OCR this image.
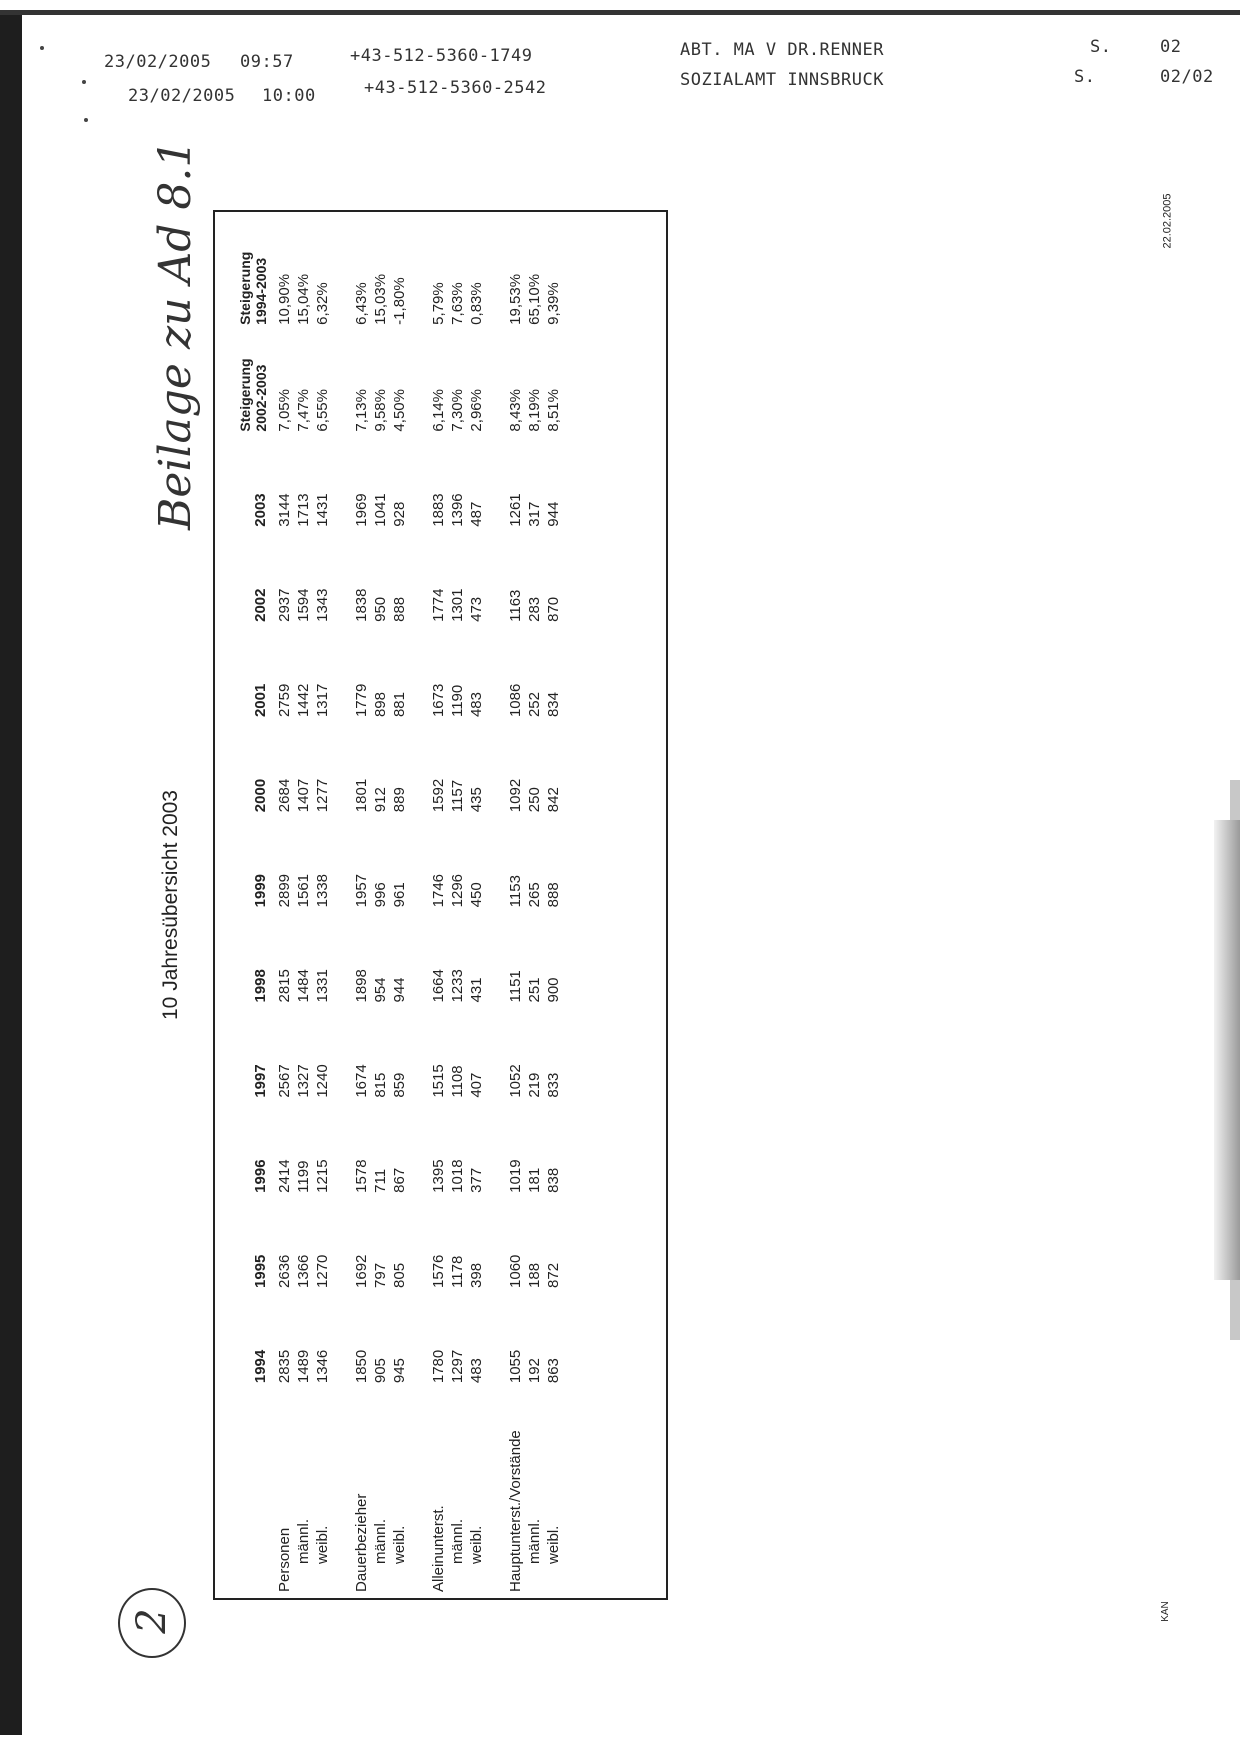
23/02/2005 09:57	+43-512-5360-1749	ABT. MA V DR.RENNER	S.	02
23/02/2005 10:00	+43-512-5360-2542	SOZIALAMT INNSBRUCK	S.	02/02
Beilage zu Ad 8.1
2
22.02.2005
KAN
10 Jahresübersicht 2003
	1994	1995	1996	1997	1998	1999	2000	2001	2002	2003	Steigerung 2002-2003	Steigerung 1994-2003
Personen	2835	2636	2414	2567	2815	2899	2684	2759	2937	3144	7,05%	10,90%
männl.	1489	1366	1199	1327	1484	1561	1407	1442	1594	1713	7,47%	15,04%
weibl.	1346	1270	1215	1240	1331	1338	1277	1317	1343	1431	6,55%	6,32%

Dauerbezieher	1850	1692	1578	1674	1898	1957	1801	1779	1838	1969	7,13%	6,43%
männl.	905	797	711	815	954	996	912	898	950	1041	9,58%	15,03%
weibl.	945	805	867	859	944	961	889	881	888	928	4,50%	-1,80%

Alleinunterst.	1780	1576	1395	1515	1664	1746	1592	1673	1774	1883	6,14%	5,79%
männl.	1297	1178	1018	1108	1233	1296	1157	1190	1301	1396	7,30%	7,63%
weibl.	483	398	377	407	431	450	435	483	473	487	2,96%	0,83%

Hauptunterst./Vorstände	1055	1060	1019	1052	1151	1153	1092	1086	1163	1261	8,43%	19,53%
männl.	192	188	181	219	251	265	250	252	283	317	8,19%	65,10%
weibl.	863	872	838	833	900	888	842	834	870	944	8,51%	9,39%
